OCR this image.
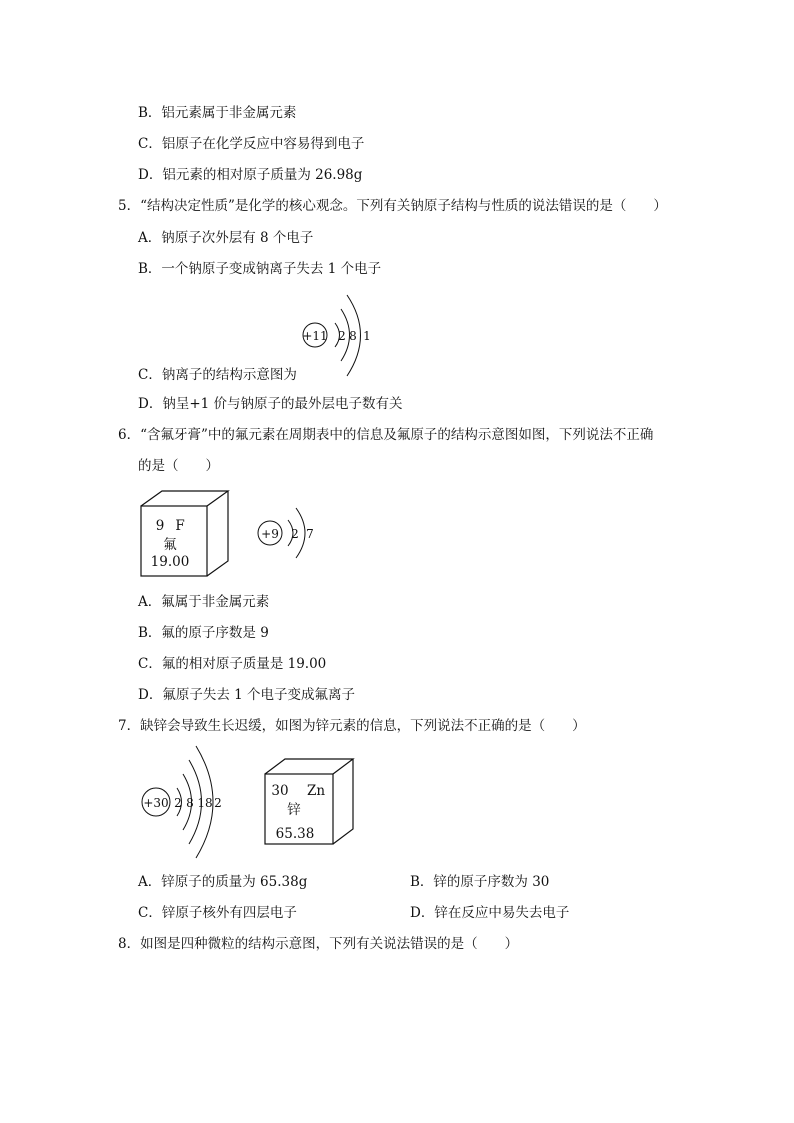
B．铝元素属于非金属元素
C．铝原子在化学反应中容易得到电子
D．铝元素的相对原子质量为 26.98g
5．“结构决定性质”是化学的核心观念。下列有关钠原子结构与性质的说法错误的是（　　）
A．钠原子次外层有 8 个电子
B．一个钠原子变成钠离子失去 1 个电子
+11 2 8 1
C．钠离子的结构示意图为
D．钠呈+1 价与钠原子的最外层电子数有关
6．“含氟牙膏”中的氟元素在周期表中的信息及氟原子的结构示意图如图，下列说法不正确
的是（　　）
9 F
氟
19.00
+9 2 7
A．氟属于非金属元素
B．氟的原子序数是 9
C．氟的相对原子质量是 19.00
D．氟原子失去 1 个电子变成氟离子
7．缺锌会导致生长迟缓，如图为锌元素的信息，下列说法不正确的是（　　）
+30 2 8 18 2
30 Zn
锌
65.38
A．锌原子的质量为 65.38g	B．锌的原子序数为 30
C．锌原子核外有四层电子	D．锌在反应中易失去电子
8．如图是四种微粒的结构示意图，下列有关说法错误的是（　　）
